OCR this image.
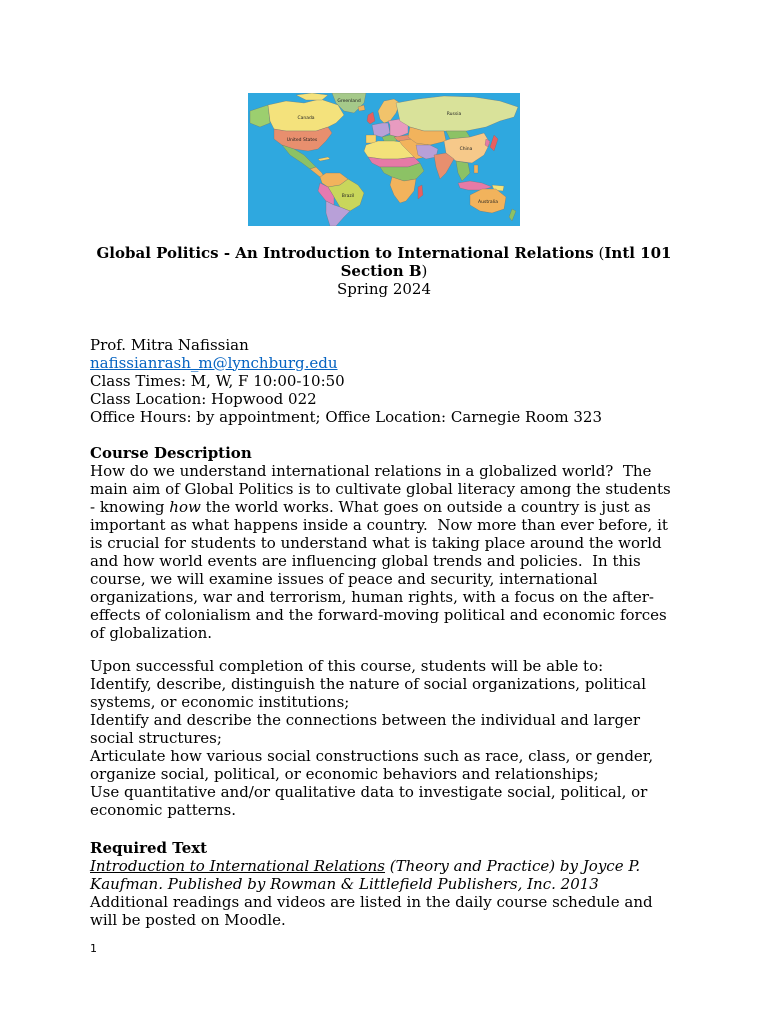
Greenland
Canada
United States
Brazil
Russia
China
Australia
Global Politics - An Introduction to International Relations (Intl 101
Section B)
Spring 2024
Prof. Mitra Nafissian
nafissianrash_m@lynchburg.edu
Class Times: M, W, F 10:00-10:50
Class Location: Hopwood 022
Office Hours: by appointment; Office Location: Carnegie Room 323
Course Description
How do we understand international relations in a globalized world?  The
main aim of Global Politics is to cultivate global literacy among the students
- knowing how the world works. What goes on outside a country is just as
important as what happens inside a country.  Now more than ever before, it
is crucial for students to understand what is taking place around the world
and how world events are influencing global trends and policies.  In this
course, we will examine issues of peace and security, international
organizations, war and terrorism, human rights, with a focus on the after-
effects of colonialism and the forward-moving political and economic forces
of globalization.
Upon successful completion of this course, students will be able to:
Identify, describe, distinguish the nature of social organizations, political
systems, or economic institutions;
Identify and describe the connections between the individual and larger
social structures;
Articulate how various social constructions such as race, class, or gender,
organize social, political, or economic behaviors and relationships;
Use quantitative and/or qualitative data to investigate social, political, or
economic patterns.
Required Text
Introduction to International Relations (Theory and Practice) by Joyce P.
Kaufman. Published by Rowman & Littlefield Publishers, Inc. 2013
Additional readings and videos are listed in the daily course schedule and
will be posted on Moodle.
1
